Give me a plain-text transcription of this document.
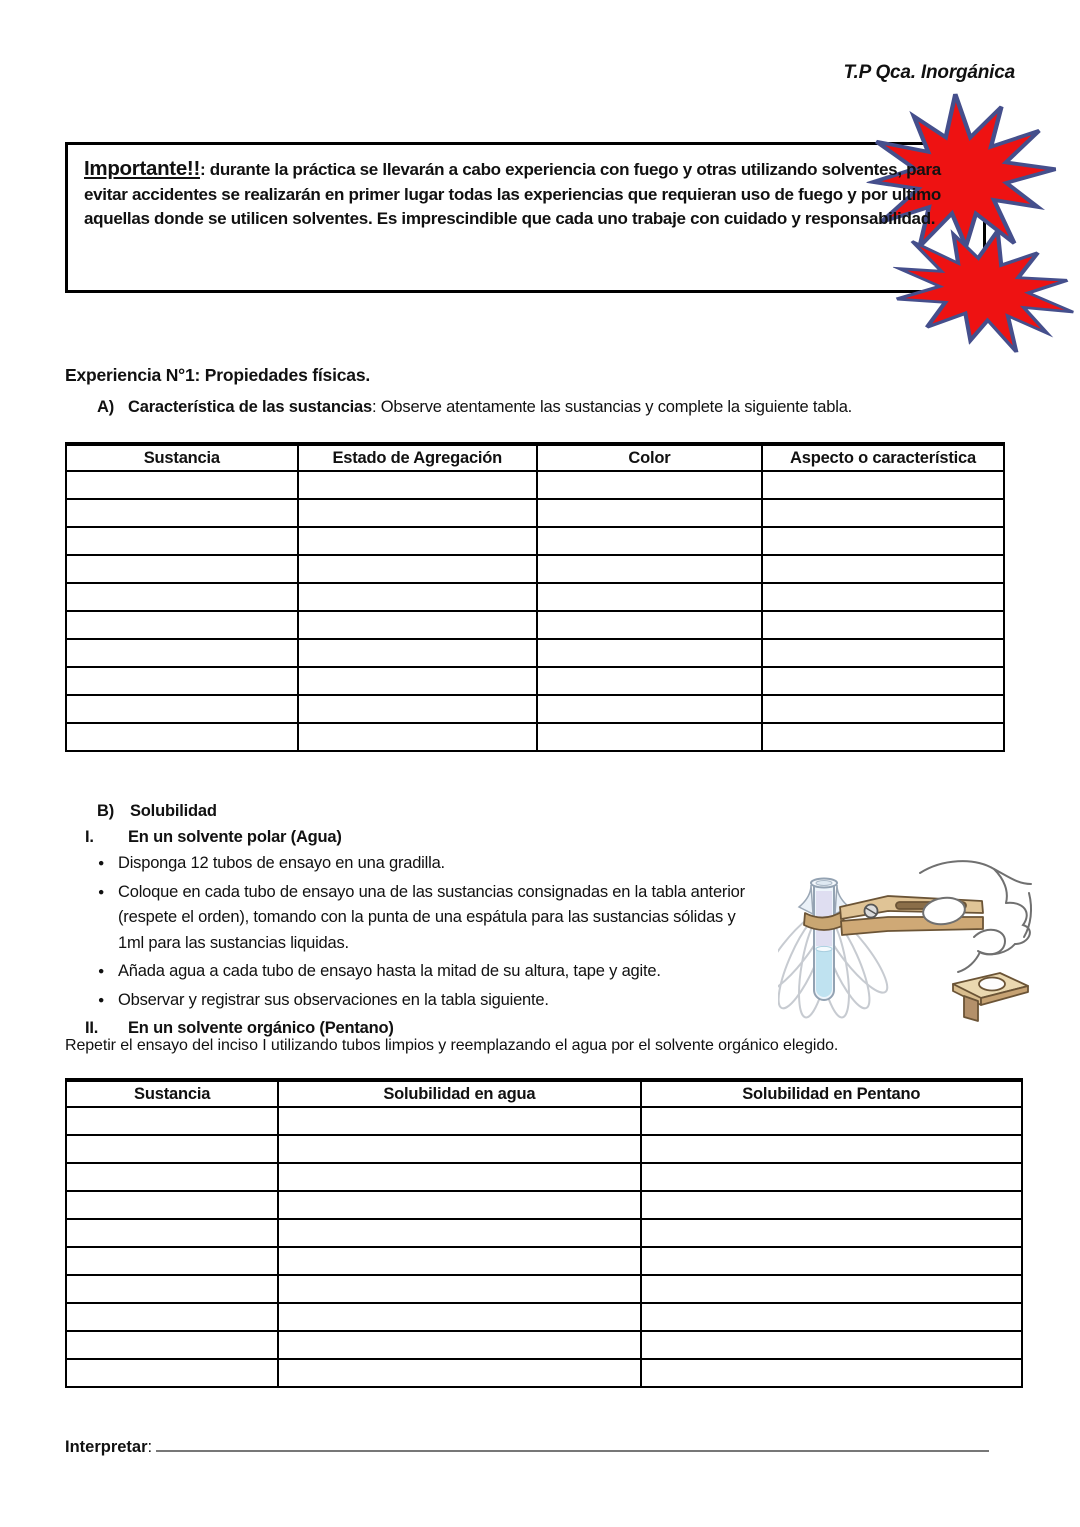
T.P Qca. Inorgánica
Importante!!: durante la práctica se llevarán a cabo experiencia con fuego y otras utilizando solventes, para evitar accidentes se realizarán en primer lugar todas las experiencias que requieran uso de fuego y por ultimo aquellas donde se utilicen solventes. Es imprescindible que cada uno trabaje con cuidado y responsabilidad.
Experiencia N°1: Propiedades físicas.
A) Característica de las sustancias: Observe atentamente las sustancias y complete la siguiente tabla.
Sustancia	Estado de Agregación	Color	Aspecto o característica

B) Solubilidad
I.	En un solvente polar (Agua)
● Disponga 12 tubos de ensayo en una gradilla.
● Coloque en cada tubo de ensayo una de las sustancias consignadas en la tabla anterior (respete el orden), tomando con la punta de una espátula para las sustancias sólidas y 1ml para las sustancias liquidas.
● Añada agua a cada tubo de ensayo hasta la mitad de su altura, tape y agite.
● Observar y registrar sus observaciones en la tabla siguiente.
II.	En un solvente orgánico (Pentano)
Repetir el ensayo del inciso I utilizando tubos limpios y reemplazando el agua por el solvente orgánico elegido.
Sustancia	Solubilidad en agua	Solubilidad en Pentano

Interpretar:
